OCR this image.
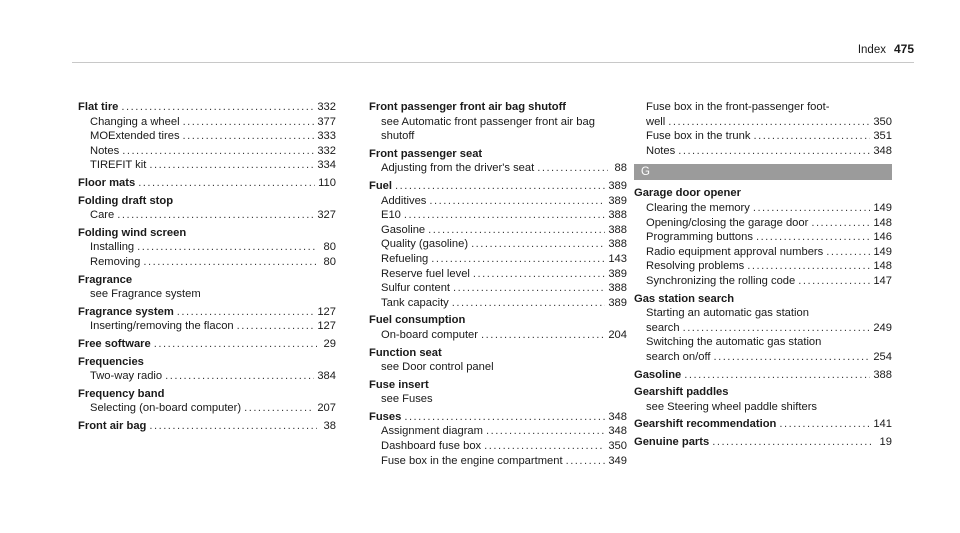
Index 475
Flat tire .....	332
Changing a wheel .....	377
MOExtended tires .....	333
Notes .....	332
TIREFIT kit .....	334
Floor mats .....	110
Folding draft stop
Care .....	327
Folding wind screen
Installing .....	80
Removing .....	80
Fragrance
see Fragrance system
Fragrance system .....	127
Inserting/removing the flacon .....	127
Free software .....	29
Frequencies
Two-way radio .....	384
Frequency band
Selecting (on-board computer) .....	207
Front air bag .....	38
Front passenger front air bag shutoff
see Automatic front passenger front air bag shutoff
Front passenger seat
Adjusting from the driver's seat .....	88
Fuel .....	389
Additives .....	389
E10 .....	388
Gasoline .....	388
Quality (gasoline) .....	388
Refueling .....	143
Reserve fuel level .....	389
Sulfur content .....	388
Tank capacity .....	389
Fuel consumption
On-board computer .....	204
Function seat
see Door control panel
Fuse insert
see Fuses
Fuses .....	348
Assignment diagram .....	348
Dashboard fuse box .....	350
Fuse box in the engine compartment .....	349
Fuse box in the front-passenger foot-
well .....	350
Fuse box in the trunk .....	351
Notes .....	348
G
Garage door opener
Clearing the memory .....	149
Opening/closing the garage door .....	148
Programming buttons .....	146
Radio equipment approval numbers .....	149
Resolving problems .....	148
Synchronizing the rolling code .....	147
Gas station search
Starting an automatic gas station
search .....	249
Switching the automatic gas station
search on/off .....	254
Gasoline .....	388
Gearshift paddles
see Steering wheel paddle shifters
Gearshift recommendation .....	141
Genuine parts .....	19
